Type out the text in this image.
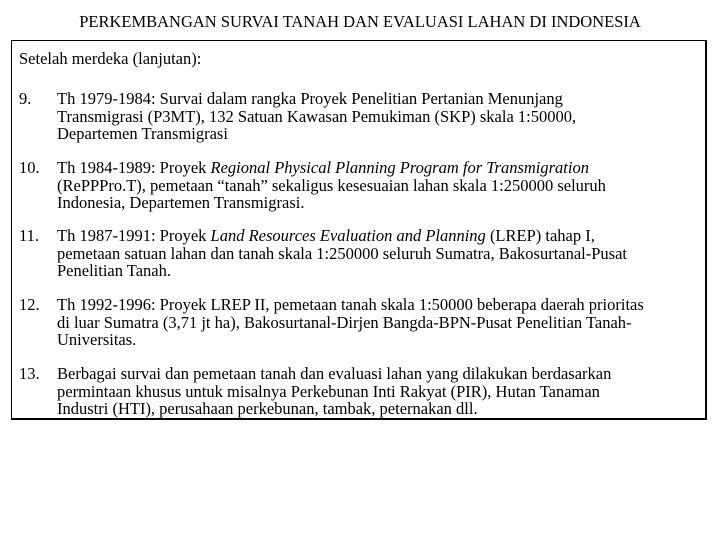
PERKEMBANGAN SURVAI TANAH DAN EVALUASI LAHAN DI INDONESIA
Setelah merdeka (lanjutan):
9. Th 1979-1984: Survai dalam rangka Proyek Penelitian Pertanian Menunjang
Transmigrasi (P3MT), 132 Satuan Kawasan Pemukiman (SKP) skala 1:50000,
Departemen Transmigrasi
10. Th 1984-1989: Proyek Regional Physical Planning Program for Transmigration
(RePPPro.T), pemetaan “tanah” sekaligus kesesuaian lahan skala 1:250000 seluruh
Indonesia, Departemen Transmigrasi.
11. Th 1987-1991: Proyek Land Resources Evaluation and Planning (LREP) tahap I,
pemetaan satuan lahan dan tanah skala 1:250000 seluruh Sumatra, Bakosurtanal-Pusat
Penelitian Tanah.
12. Th 1992-1996: Proyek LREP II, pemetaan tanah skala 1:50000 beberapa daerah prioritas
di luar Sumatra (3,71 jt ha), Bakosurtanal-Dirjen Bangda-BPN-Pusat Penelitian Tanah-
Universitas.
13. Berbagai survai dan pemetaan tanah dan evaluasi lahan yang dilakukan berdasarkan
permintaan khusus untuk misalnya Perkebunan Inti Rakyat (PIR), Hutan Tanaman
Industri (HTI), perusahaan perkebunan, tambak, peternakan dll.
